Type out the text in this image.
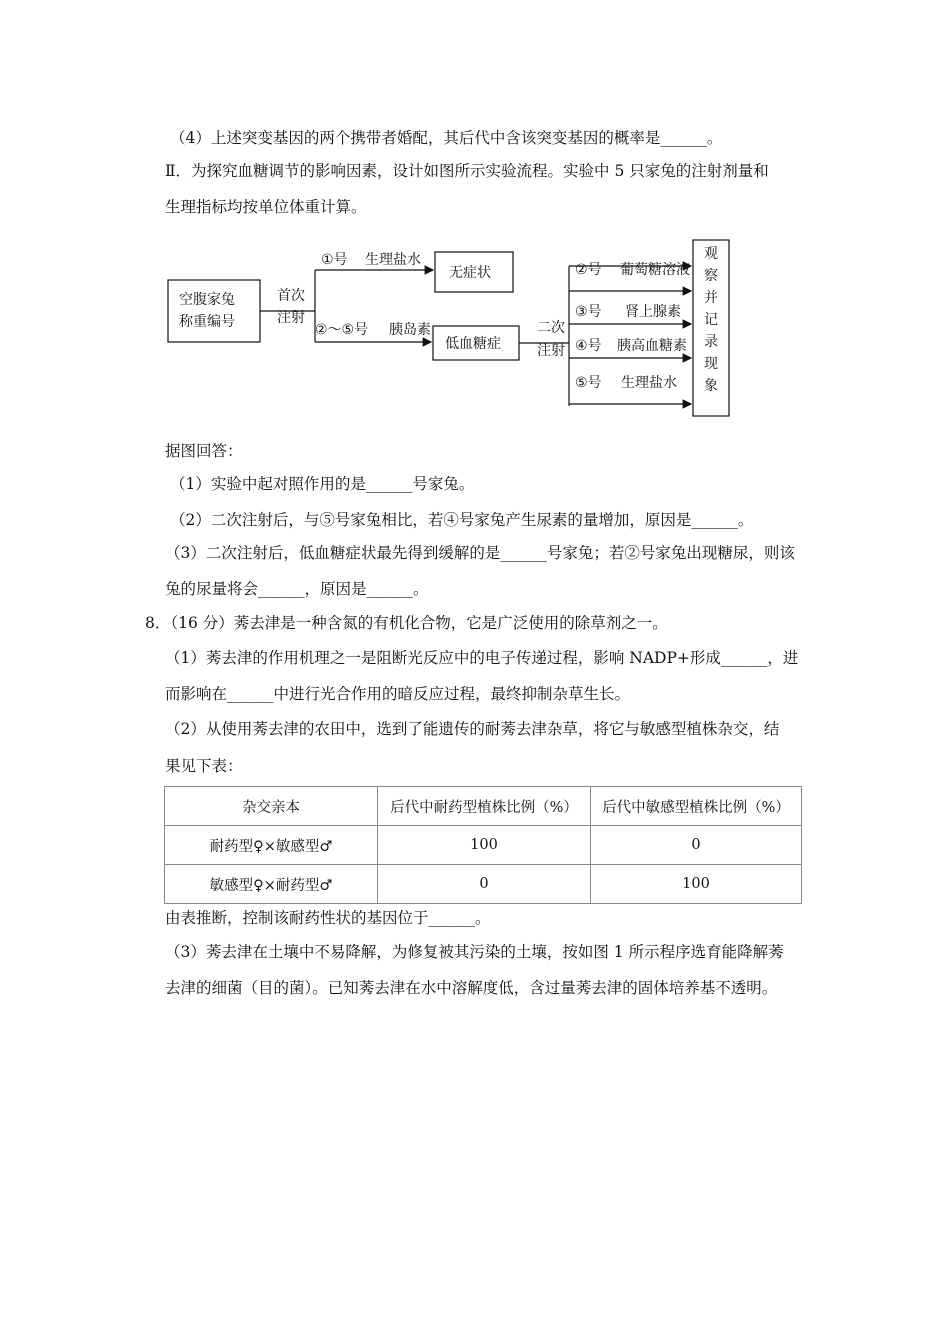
（4）上述突变基因的两个携带者婚配，其后代中含该突变基因的概率是______。
Ⅱ．为探究血糖调节的影响因素，设计如图所示实验流程。实验中 5 只家兔的注射剂量和
生理指标均按单位体重计算。
空腹家兔
称重编号
首次
注射
①号 生理盐水
②～⑤号 胰岛素
无症状
低血糖症
二次
注射
②号 葡萄糖溶液
③号 肾上腺素
④号 胰高血糖素
⑤号 生理盐水
观
察
并
记
录
现
象
据图回答：
（1）实验中起对照作用的是______号家兔。
（2）二次注射后，与⑤号家兔相比，若④号家兔产生尿素的量增加，原因是______。
（3）二次注射后，低血糖症状最先得到缓解的是______号家兔；若②号家兔出现糖尿，则该
兔的尿量将会______，原因是______。
8．（16 分）莠去津是一种含氮的有机化合物，它是广泛使用的除草剂之一。
（1）莠去津的作用机理之一是阻断光反应中的电子传递过程，影响 NADP+形成______，进
而影响在______中进行光合作用的暗反应过程，最终抑制杂草生长。
（2）从使用莠去津的农田中，选到了能遗传的耐莠去津杂草，将它与敏感型植株杂交，结
果见下表：
杂交亲本	后代中耐药型植株比例（%）	后代中敏感型植株比例（%）
耐药型♀×敏感型♂	100	0
敏感型♀×耐药型♂	0	100
由表推断，控制该耐药性状的基因位于______。
（3）莠去津在土壤中不易降解，为修复被其污染的土壤，按如图 1 所示程序选育能降解莠
去津的细菌（目的菌）。已知莠去津在水中溶解度低，含过量莠去津的固体培养基不透明。
